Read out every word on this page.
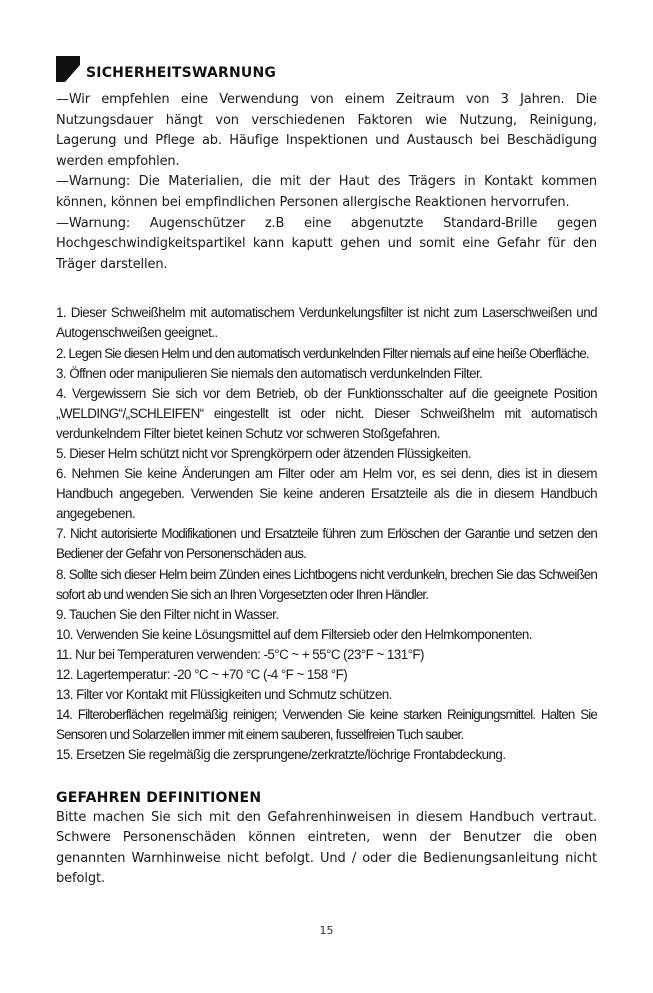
SICHERHEITSWARNUNG

—Wir empfehlen eine Verwendung von einem Zeitraum von 3 Jahren. Die Nutzungsdauer hängt von verschiedenen Faktoren wie Nutzung, Reinigung, Lagerung und Pflege ab. Häufige Inspektionen und Austausch bei Beschädigung werden empfohlen.

—Warnung: Die Materialien, die mit der Haut des Trägers in Kontakt kommen können, können bei empfindlichen Personen allergische Reaktionen hervorrufen.

—Warnung: Augenschützer z.B eine abgenutzte Standard-Brille gegen Hochgeschwindigkeitspartikel kann kaputt gehen und somit eine Gefahr für den Träger darstellen.

1. Dieser Schweißhelm mit automatischem Verdunkelungsfilter ist nicht zum Laserschweißen und Autogenschweißen geeignet..

2. Legen Sie diesen Helm und den automatisch verdunkelnden Filter niemals auf eine heiße Oberfläche.

3. Öffnen oder manipulieren Sie niemals den automatisch verdunkelnden Filter.

4. Vergewissern Sie sich vor dem Betrieb, ob der Funktionsschalter auf die geeignete Position „WELDING“/„SCHLEIFEN“ eingestellt ist oder nicht. Dieser Schweißhelm mit automatisch verdunkelndem Filter bietet keinen Schutz vor schweren Stoßgefahren.

5. Dieser Helm schützt nicht vor Sprengkörpern oder ätzenden Flüssigkeiten.

6. Nehmen Sie keine Änderungen am Filter oder am Helm vor, es sei denn, dies ist in diesem Handbuch angegeben. Verwenden Sie keine anderen Ersatzteile als die in diesem Handbuch angegebenen.

7. Nicht autorisierte Modifikationen und Ersatzteile führen zum Erlöschen der Garantie und setzen den Bediener der Gefahr von Personenschäden aus.

8. Sollte sich dieser Helm beim Zünden eines Lichtbogens nicht verdunkeln, brechen Sie das Schweißen sofort ab und wenden Sie sich an Ihren Vorgesetzten oder Ihren Händler.

9. Tauchen Sie den Filter nicht in Wasser.

10. Verwenden Sie keine Lösungsmittel auf dem Filtersieb oder den Helmkomponenten.

11. Nur bei Temperaturen verwenden: -5°C ~ + 55°C (23°F ~ 131°F)

12. Lagertemperatur: -20 °C ~ +70 °C (-4 °F ~ 158 °F)

13. Filter vor Kontakt mit Flüssigkeiten und Schmutz schützen.

14. Filteroberflächen regelmäßig reinigen; Verwenden Sie keine starken Reinigungsmittel. Halten Sie Sensoren und Solarzellen immer mit einem sauberen, fusselfreien Tuch sauber.

15. Ersetzen Sie regelmäßig die zersprungene/zerkratzte/löchrige Frontabdeckung.

GEFAHREN DEFINITIONEN

Bitte machen Sie sich mit den Gefahrenhinweisen in diesem Handbuch vertraut. Schwere Personenschäden können eintreten, wenn der Benutzer die oben genannten Warnhinweise nicht befolgt. Und / oder die Bedienungsanleitung nicht befolgt.

15
